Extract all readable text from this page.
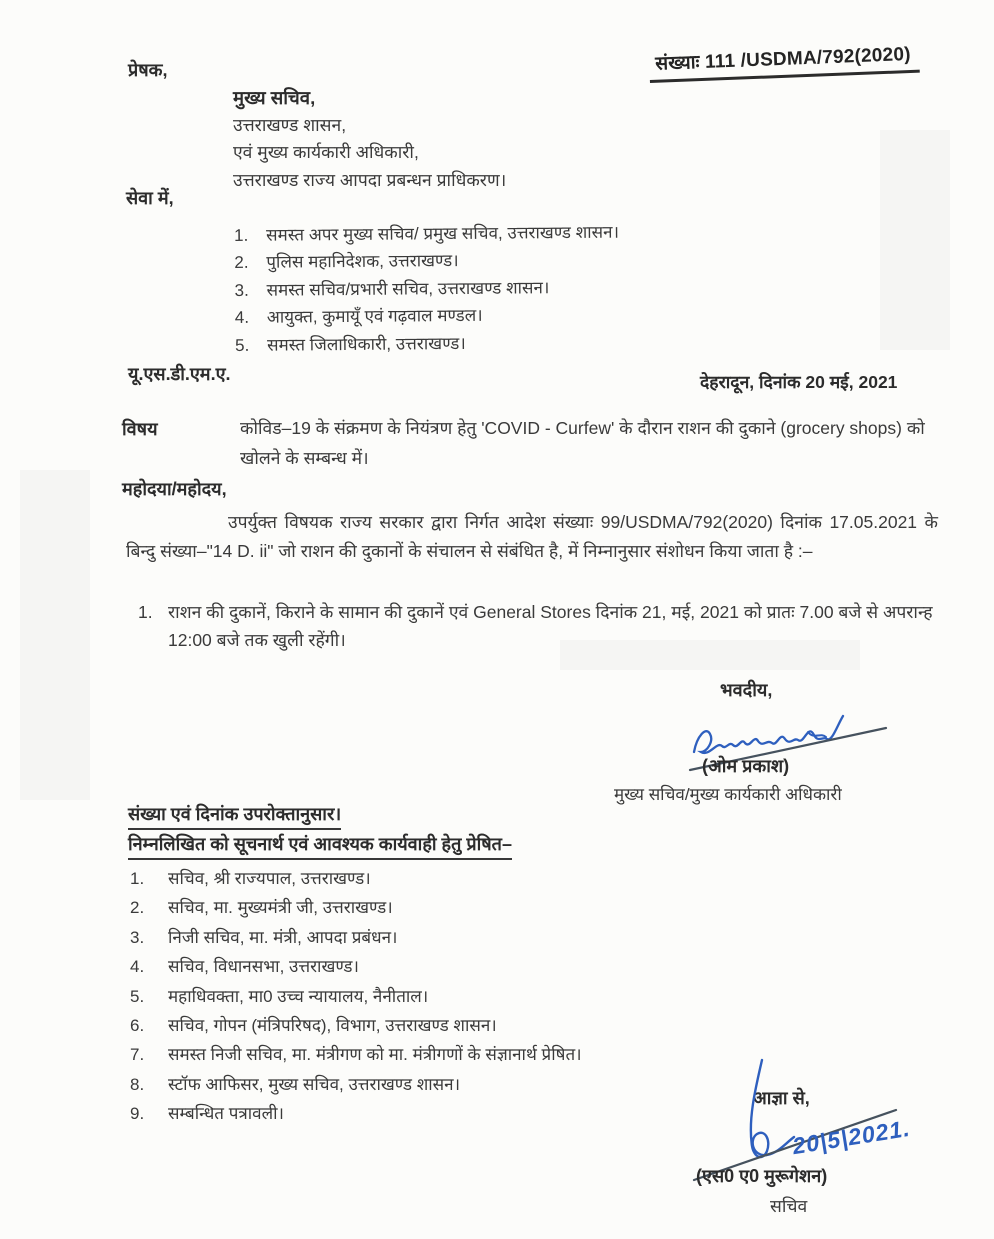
संख्याः 111 /USDMA/792(2020)
प्रेषक,
मुख्य सचिव,
उत्तराखण्ड शासन,
एवं मुख्य कार्यकारी अधिकारी,
उत्तराखण्ड राज्य आपदा प्रबन्धन प्राधिकरण।
सेवा में,
1.	समस्त अपर मुख्य सचिव/ प्रमुख सचिव, उत्तराखण्ड शासन।
2.	पुलिस महानिदेशक, उत्तराखण्ड।
3.	समस्त सचिव/प्रभारी सचिव, उत्तराखण्ड शासन।
4.	आयुक्त, कुमायूँ एवं गढ़वाल मण्डल।
5.	समस्त जिलाधिकारी, उत्तराखण्ड।
यू.एस.डी.एम.ए.	देहरादून, दिनांक 20 मई, 2021
विषय	कोविड–19 के संक्रमण के नियंत्रण हेतु 'COVID - Curfew' के दौरान राशन की दुकाने (grocery shops) को खोलने के सम्बन्ध में।
महोदया/महोदय,
उपर्युक्त विषयक राज्य सरकार द्वारा निर्गत आदेश संख्याः 99/USDMA/792(2020) दिनांक 17.05.2021 के बिन्दु संख्या–"14 D. ii" जो राशन की दुकानों के संचालन से संबंधित है, में निम्नानुसार संशोधन किया जाता है :–
1. राशन की दुकानें, किराने के सामान की दुकानें एवं General Stores दिनांक 21, मई, 2021 को प्रातः 7.00 बजे से अपरान्ह 12:00 बजे तक खुली रहेंगी।
भवदीय,
(ओम प्रकाश)
मुख्य सचिव/मुख्य कार्यकारी अधिकारी
संख्या एवं दिनांक उपरोक्तानुसार।
निम्नलिखित को सूचनार्थ एवं आवश्यक कार्यवाही हेतु प्रेषित–
1.	सचिव, श्री राज्यपाल, उत्तराखण्ड।
2.	सचिव, मा. मुख्यमंत्री जी, उत्तराखण्ड।
3.	निजी सचिव, मा. मंत्री, आपदा प्रबंधन।
4.	सचिव, विधानसभा, उत्तराखण्ड।
5.	महाधिवक्ता, मा0 उच्च न्यायालय, नैनीताल।
6.	सचिव, गोपन (मंत्रिपरिषद), विभाग, उत्तराखण्ड शासन।
7.	समस्त निजी सचिव, मा. मंत्रीगण को मा. मंत्रीगणों के संज्ञानार्थ प्रेषित।
8.	स्टॉफ आफिसर, मुख्य सचिव, उत्तराखण्ड शासन।
9.	सम्बन्धित पत्रावली।
आज्ञा से,
20|5|2021.
(एस0 ए0 मुरूगेशन)
सचिव
